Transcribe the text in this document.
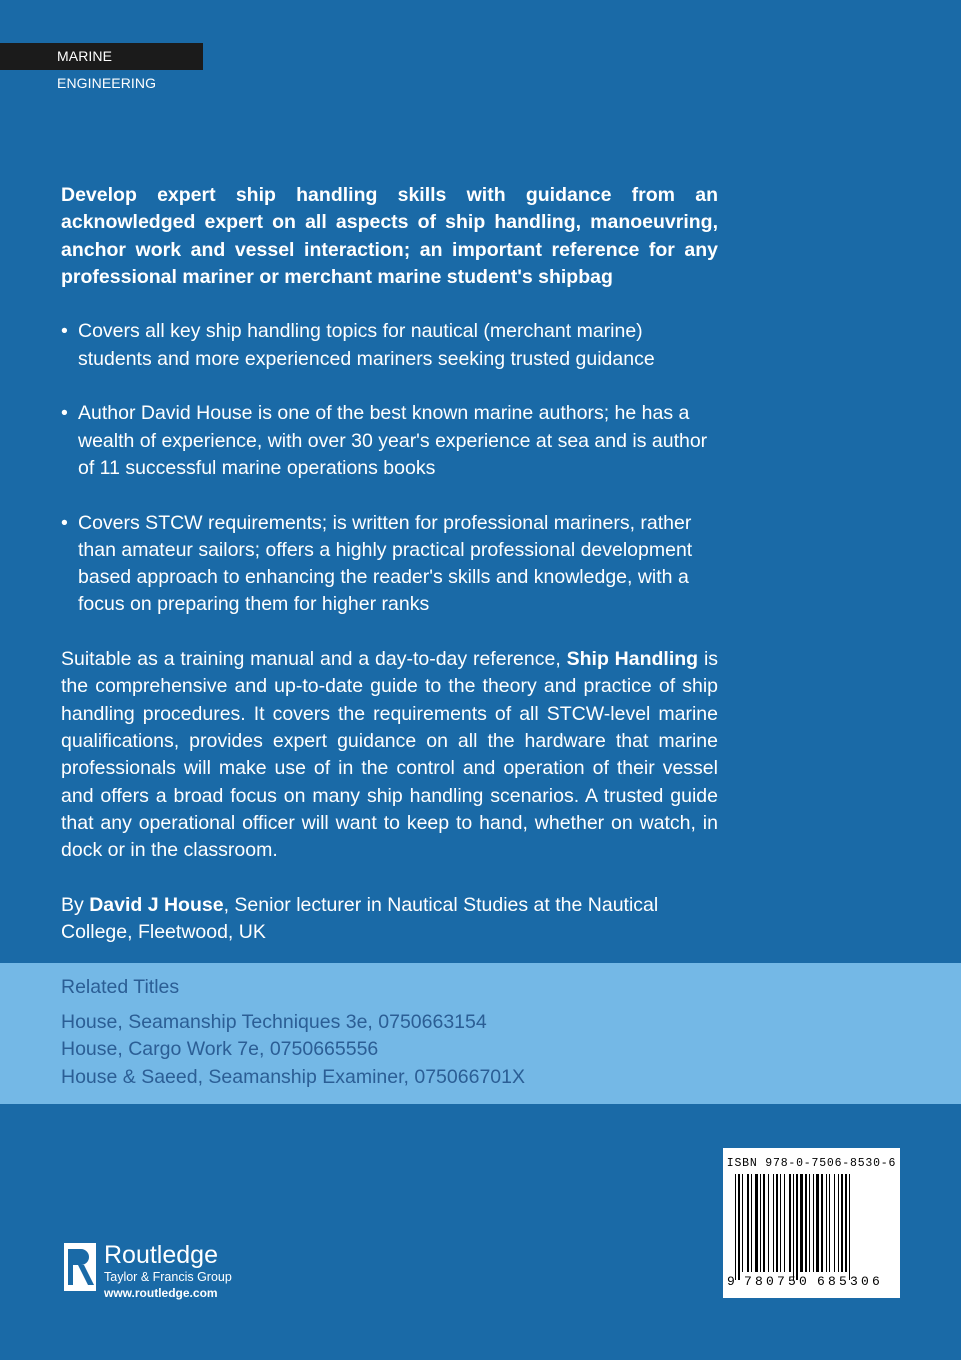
MARINE ENGINEERING

Develop expert ship handling skills with guidance from an acknowledged expert on all aspects of ship handling, manoeuvring, anchor work and vessel interaction; an important reference for any professional mariner or merchant marine student's shipbag

• Covers all key ship handling topics for nautical (merchant marine) students and more experienced mariners seeking trusted guidance
• Author David House is one of the best known marine authors; he has a wealth of experience, with over 30 year's experience at sea and is author of 11 successful marine operations books
• Covers STCW requirements; is written for professional mariners, rather than amateur sailors; offers a highly practical professional development based approach to enhancing the reader's skills and knowledge, with a focus on preparing them for higher ranks

Suitable as a training manual and a day-to-day reference, Ship Handling is the comprehensive and up-to-date guide to the theory and practice of ship handling procedures. It covers the requirements of all STCW-level marine qualifications, provides expert guidance on all the hardware that marine professionals will make use of in the control and operation of their vessel and offers a broad focus on many ship handling scenarios. A trusted guide that any operational officer will want to keep to hand, whether on watch, in dock or in the classroom.

By David J House, Senior lecturer in Nautical Studies at the Nautical College, Fleetwood, UK

Related Titles
House, Seamanship Techniques 3e, 0750663154
House, Cargo Work 7e, 0750665556
House & Saeed, Seamanship Examiner, 075066701X
Routledge
Taylor & Francis Group
www.routledge.com
ISBN 978-0-7506-8530-6
9 780750 685306
